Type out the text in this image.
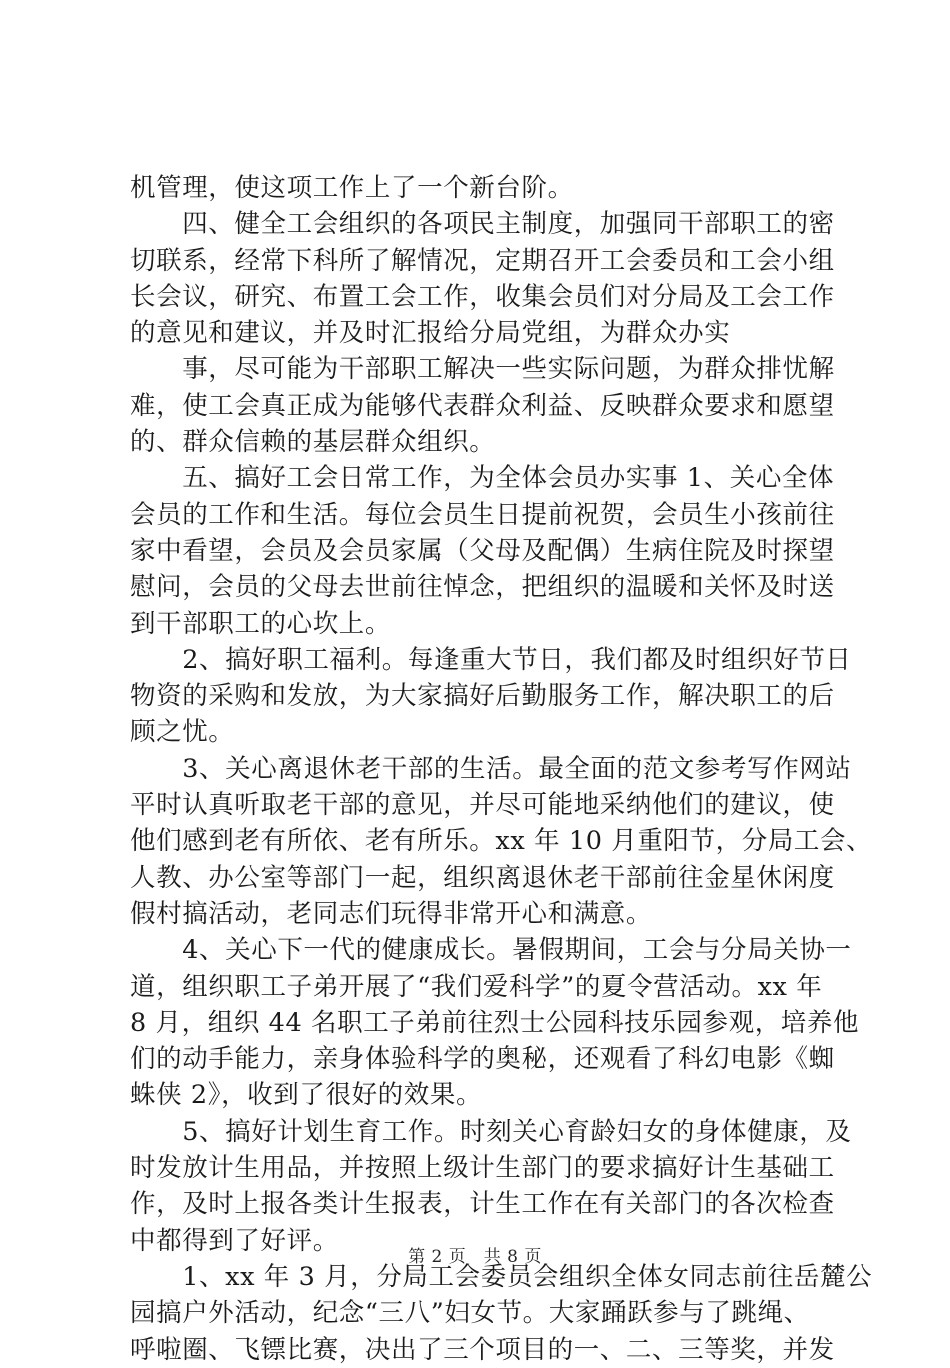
机管理，使这项工作上了一个新台阶。
　　四、健全工会组织的各项民主制度，加强同干部职工的密
切联系，经常下科所了解情况，定期召开工会委员和工会小组
长会议，研究、布置工会工作，收集会员们对分局及工会工作
的意见和建议，并及时汇报给分局党组，为群众办实
　　事，尽可能为干部职工解决一些实际问题，为群众排忧解
难，使工会真正成为能够代表群众利益、反映群众要求和愿望
的、群众信赖的基层群众组织。
　　五、搞好工会日常工作，为全体会员办实事 1、关心全体
会员的工作和生活。每位会员生日提前祝贺，会员生小孩前往
家中看望，会员及会员家属（父母及配偶）生病住院及时探望
慰问，会员的父母去世前往悼念，把组织的温暖和关怀及时送
到干部职工的心坎上。
　　2、搞好职工福利。每逢重大节日，我们都及时组织好节日
物资的采购和发放，为大家搞好后勤服务工作，解决职工的后
顾之忧。
　　3、关心离退休老干部的生活。最全面的范文参考写作网站
平时认真听取老干部的意见，并尽可能地采纳他们的建议，使
他们感到老有所依、老有所乐。xx 年 10 月重阳节，分局工会、
人教、办公室等部门一起，组织离退休老干部前往金星休闲度
假村搞活动，老同志们玩得非常开心和满意。
　　4、关心下一代的健康成长。暑假期间，工会与分局关协一
道，组织职工子弟开展了“我们爱科学”的夏令营活动。xx 年
8 月，组织 44 名职工子弟前往烈士公园科技乐园参观，培养他
们的动手能力，亲身体验科学的奥秘，还观看了科幻电影《蜘
蛛侠 2》，收到了很好的效果。
　　5、搞好计划生育工作。时刻关心育龄妇女的身体健康，及
时发放计生用品，并按照上级计生部门的要求搞好计生基础工
作，及时上报各类计生报表，计生工作在有关部门的各次检查
中都得到了好评。
　　1、xx 年 3 月，分局工会委员会组织全体女同志前往岳麓公
园搞户外活动，纪念“三八”妇女节。大家踊跃参与了跳绳、
呼啦圈、飞镖比赛，决出了三个项目的一、二、三等奖，并发
第 2 页　共 8 页
